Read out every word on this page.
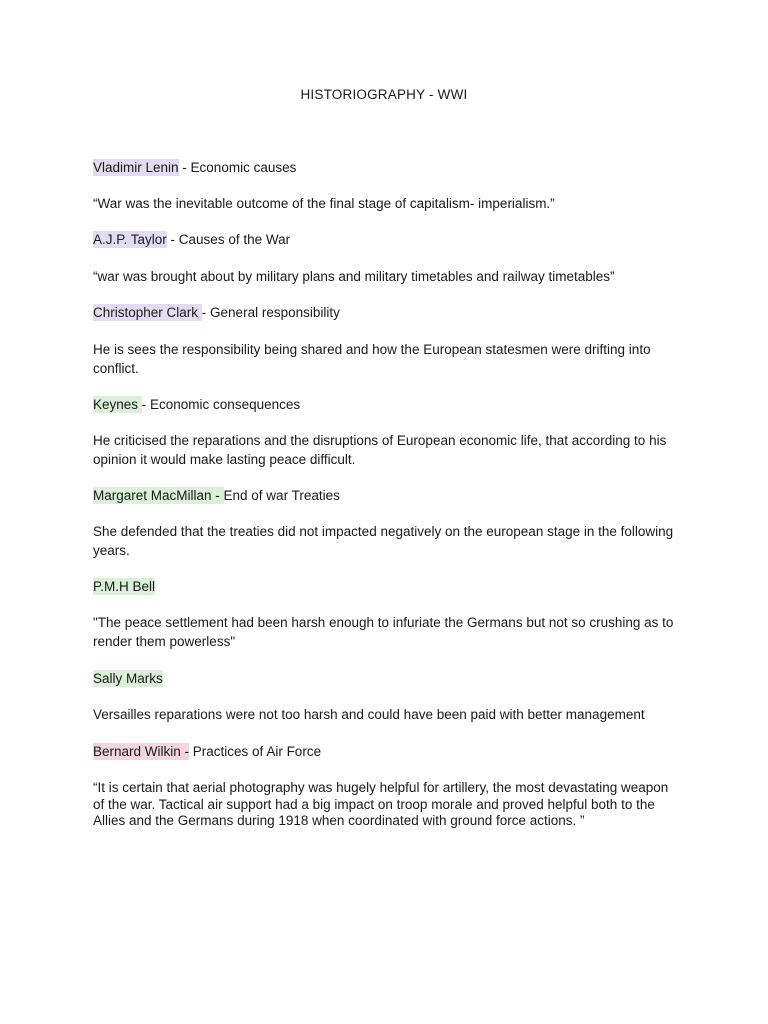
HISTORIOGRAPHY - WWI
Vladimir Lenin - Economic causes
“War was the inevitable outcome of the final stage of capitalism- imperialism.”
A.J.P. Taylor - Causes of the War
“war was brought about by military plans and military timetables and railway timetables”
Christopher Clark - General responsibility
He is sees the responsibility being shared and how the European statesmen were drifting into conflict.
Keynes - Economic consequences
He criticised the reparations and the disruptions of European economic life, that according to his opinion it would make lasting peace difficult.
Margaret MacMillan - End of war Treaties
She defended that the treaties did not impacted negatively on the european stage in the following years.
P.M.H Bell
"The peace settlement had been harsh enough to infuriate the Germans but not so crushing as to render them powerless"
Sally Marks
Versailles reparations were not too harsh and could have been paid with better management
Bernard Wilkin - Practices of Air Force
“It is certain that aerial photography was hugely helpful for artillery, the most devastating weapon of the war. Tactical air support had a big impact on troop morale and proved helpful both to the Allies and the Germans during 1918 when coordinated with ground force actions. ”
